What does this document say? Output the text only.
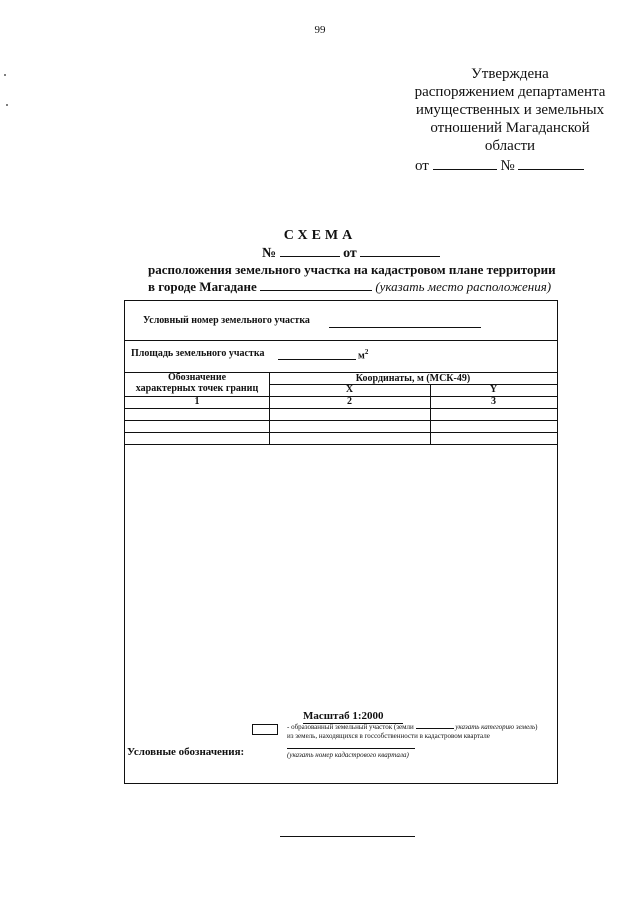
99
Утверждена
распоряжением департамента
имущественных и земельных
отношений Магаданской
области
от	№
СХЕМА
№	от
расположения земельного участка на кадастровом плане территории
в городе Магадане	(указать место расположения)
Условный номер земельного участка
Площадь земельного участка	$м^2$
Обозначение
характерных точек границ
Координаты, м (МСК-49)
X	Y
1	2	3
Масштаб 1:2000
- образованный земельный участок (земли	указать категорию земель)
из земель, находящихся в госсобственности в кадастровом квартале
(указать номер кадастрового квартала)
Условные обозначения:
